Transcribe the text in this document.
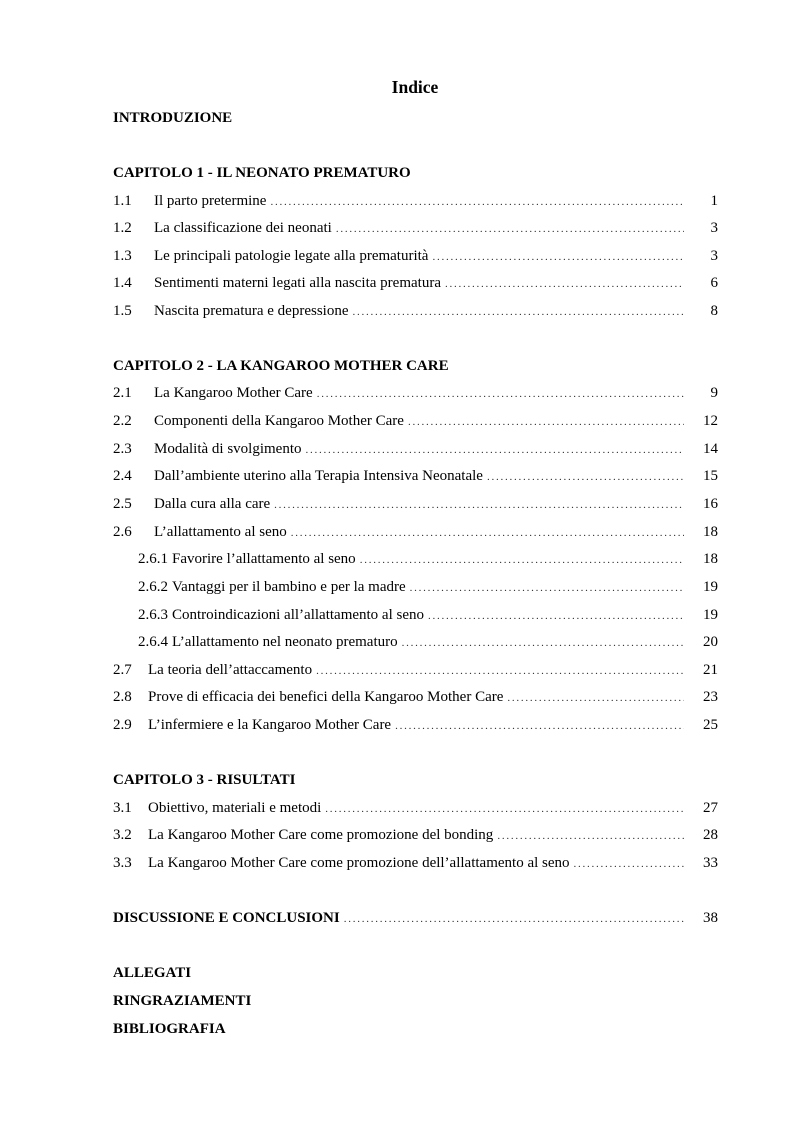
Indice
INTRODUZIONE
CAPITOLO 1 - IL NEONATO PREMATURO
1.1	Il parto pretermine . . .	1
1.2	La classificazione dei neonati . . .	3
1.3	Le principali patologie legate alla prematurità . . .	3
1.4	Sentimenti materni legati alla nascita prematura . . .	6
1.5	Nascita prematura e depressione . . .	8
CAPITOLO 2 - LA KANGAROO MOTHER CARE
2.1	La Kangaroo Mother Care . . .	9
2.2	Componenti della Kangaroo Mother Care . . .	12
2.3	Modalità di svolgimento . . .	14
2.4	Dall’ambiente uterino alla Terapia Intensiva Neonatale . . .	15
2.5	Dalla cura alla care . . .	16
2.6	L’allattamento al seno . . .	18
2.6.1 Favorire l’allattamento al seno . . .	18
2.6.2 Vantaggi per il bambino e per la madre . . .	19
2.6.3 Controindicazioni all’allattamento al seno . . .	19
2.6.4 L’allattamento nel neonato prematuro . . .	20
2.7	La teoria dell’attaccamento . . .	21
2.8	Prove di efficacia dei benefici della Kangaroo Mother Care . . .	23
2.9	L’infermiere e la Kangaroo Mother Care . . .	25
CAPITOLO 3 - RISULTATI
3.1	Obiettivo, materiali e metodi . . .	27
3.2	La Kangaroo Mother Care come promozione del bonding . . .	28
3.3	La Kangaroo Mother Care come promozione dell’allattamento al seno . . .	33
DISCUSSIONE E CONCLUSIONI . . .	38
ALLEGATI
RINGRAZIAMENTI
BIBLIOGRAFIA
